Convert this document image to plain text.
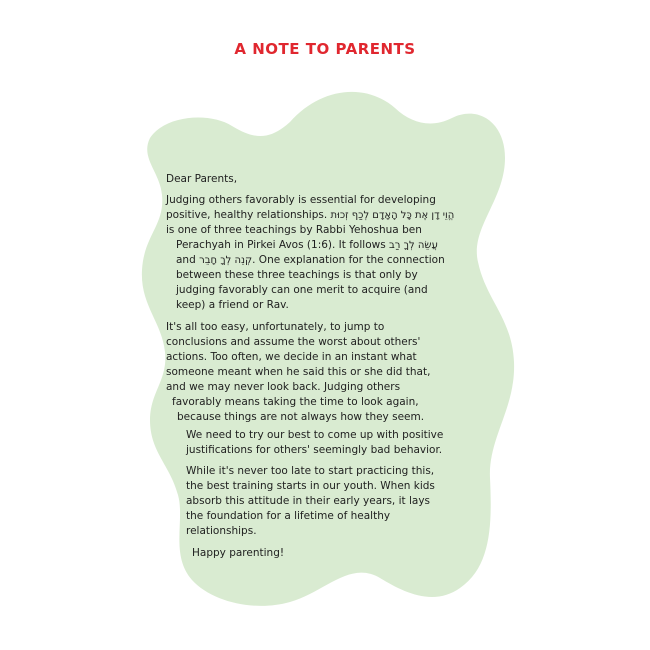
A NOTE TO PARENTS
Dear Parents,
Judging others favorably is essential for developing
positive, healthy relationships. הֱוֵי דָן אֶת כָּל הָאָדָם לְכַף זְכוּת
is one of three teachings by Rabbi Yehoshua ben
Perachyah in Pirkei Avos (1:6). It follows עֲשֵׂה לְךָ רַב
and קְנֵה לְךָ חָבֵר. One explanation for the connection
between these three teachings is that only by
judging favorably can one merit to acquire (and
keep) a friend or Rav.
It's all too easy, unfortunately, to jump to
conclusions and assume the worst about others'
actions. Too often, we decide in an instant what
someone meant when he said this or she did that,
and we may never look back. Judging others
favorably means taking the time to look again,
because things are not always how they seem.
We need to try our best to come up with positive
justifications for others' seemingly bad behavior.
While it's never too late to start practicing this,
the best training starts in our youth. When kids
absorb this attitude in their early years, it lays
the foundation for a lifetime of healthy
relationships.
Happy parenting!
